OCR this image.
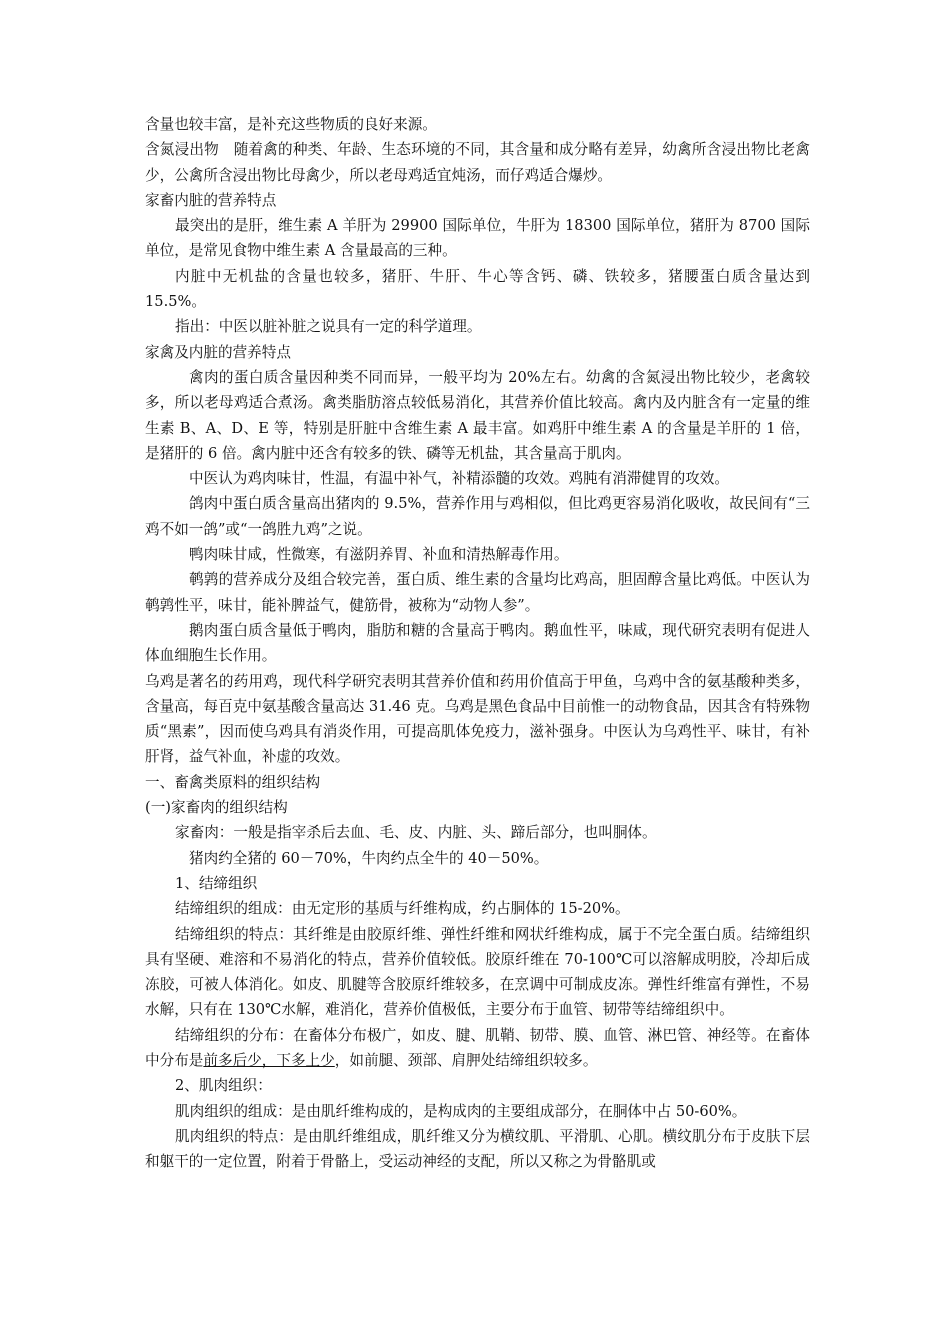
含量也较丰富，是补充这些物质的良好来源。

含氮浸出物　随着禽的种类、年龄、生态环境的不同，其含量和成分略有差异，幼禽所含浸出物比老禽少，公禽所含浸出物比母禽少，所以老母鸡适宜炖汤，而仔鸡适合爆炒。

家畜内脏的营养特点

最突出的是肝，维生素 A 羊肝为 29900 国际单位，牛肝为 18300 国际单位，猪肝为 8700 国际单位，是常见食物中维生素 A 含量最高的三种。

内脏中无机盐的含量也较多，猪肝、牛肝、牛心等含钙、磷、铁较多，猪腰蛋白质含量达到 15.5%。

指出：中医以脏补脏之说具有一定的科学道理。

家禽及内脏的营养特点

禽肉的蛋白质含量因种类不同而异，一般平均为 20%左右。幼禽的含氮浸出物比较少，老禽较多，所以老母鸡适合煮汤。禽类脂肪溶点较低易消化，其营养价值比较高。禽内及内脏含有一定量的维生素 B、A、D、E 等，特别是肝脏中含维生素 A 最丰富。如鸡肝中维生素 A 的含量是羊肝的 1 倍，是猪肝的 6 倍。禽内脏中还含有较多的铁、磷等无机盐，其含量高于肌肉。

中医认为鸡肉味甘，性温，有温中补气，补精添髓的攻效。鸡肫有消滞健胃的攻效。

鸽肉中蛋白质含量高出猪肉的 9.5%，营养作用与鸡相似，但比鸡更容易消化吸收，故民间有“三鸡不如一鸽”或“一鸽胜九鸡”之说。

鸭肉味甘咸，性微寒，有滋阴养胃、补血和清热解毒作用。

鹌鹑的营养成分及组合较完善，蛋白质、维生素的含量均比鸡高，胆固醇含量比鸡低。中医认为鹌鹑性平，味甘，能补脾益气，健筋骨，被称为“动物人参”。

鹅肉蛋白质含量低于鸭肉，脂肪和糖的含量高于鸭肉。鹅血性平，味咸，现代研究表明有促进人体血细胞生长作用。

乌鸡是著名的药用鸡，现代科学研究表明其营养价值和药用价值高于甲鱼，乌鸡中含的氨基酸种类多，含量高，每百克中氨基酸含量高达 31.46 克。乌鸡是黑色食品中目前惟一的动物食品，因其含有特殊物质“黑素”，因而使乌鸡具有消炎作用，可提高肌体免疫力，滋补强身。中医认为乌鸡性平、味甘，有补肝肾，益气补血，补虚的攻效。

一、畜禽类原料的组织结构

(一)家畜肉的组织结构

家畜肉：一般是指宰杀后去血、毛、皮、内脏、头、蹄后部分，也叫胴体。

猪肉约全猪的 60－70%，牛肉约点全牛的 40－50%。

1、结缔组织

结缔组织的组成：由无定形的基质与纤维构成，约占胴体的 15-20%。

结缔组织的特点：其纤维是由胶原纤维、弹性纤维和网状纤维构成，属于不完全蛋白质。结缔组织具有坚硬、难溶和不易消化的特点，营养价值较低。胶原纤维在 70-100℃可以溶解成明胶，冷却后成冻胶，可被人体消化。如皮、肌腱等含胶原纤维较多，在烹调中可制成皮冻。弹性纤维富有弹性，不易水解，只有在 130℃水解，难消化，营养价值极低，主要分布于血管、韧带等结缔组织中。

结缔组织的分布：在畜体分布极广，如皮、腱、肌鞘、韧带、膜、血管、淋巴管、神经等。在畜体中分布是前多后少，下多上少，如前腿、颈部、肩胛处结缔组织较多。

2、肌肉组织：

肌肉组织的组成：是由肌纤维构成的，是构成肉的主要组成部分，在胴体中占 50-60%。

肌肉组织的特点：是由肌纤维组成，肌纤维又分为横纹肌、平滑肌、心肌。横纹肌分布于皮肤下层和躯干的一定位置，附着于骨骼上，受运动神经的支配，所以又称之为骨骼肌或
